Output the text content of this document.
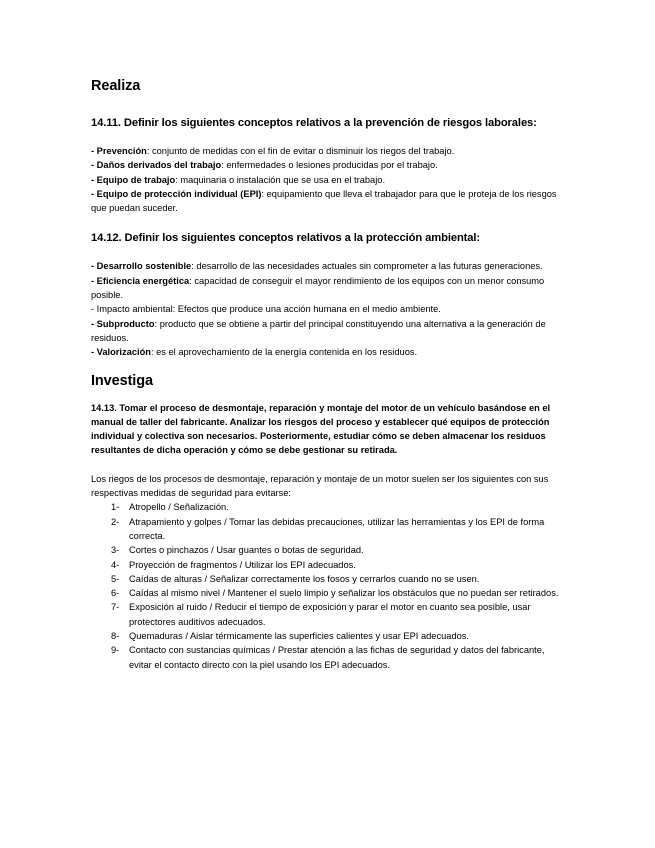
Realiza
14.11. Definir los siguientes conceptos relativos a la prevención de riesgos laborales:

- Prevención: conjunto de medidas con el fin de evitar o disminuir los riegos del trabajo.

- Daños derivados del trabajo: enfermedades o lesiones producidas por el trabajo.

- Equipo de trabajo: maquinaria o instalación que se usa en el trabajo.

- Equipo de protección individual (EPI): equipamiento que lleva el trabajador para que le proteja de los riesgos que puedan suceder.

14.12. Definir los siguientes conceptos relativos a la protección ambiental:

- Desarrollo sostenible: desarrollo de las necesidades actuales sin comprometer a las futuras generaciones.

- Eficiencia energética: capacidad de conseguir el mayor rendimiento de los equipos con un menor consumo posible.

- Impacto ambiental: Efectos que produce una acción humana en el medio ambiente.

- Subproducto: producto que se obtiene a partir del principal constituyendo una alternativa a la generación de residuos.

- Valorización: es el aprovechamiento de la energía contenida en los residuos.

Investiga

14.13. Tomar el proceso de desmontaje, reparación y montaje del motor de un vehículo basándose en el manual de taller del fabricante. Analizar los riesgos del proceso y establecer qué equipos de protección individual y colectiva son necesarios. Posteriormente, estudiar cómo se deben almacenar los residuos resultantes de dicha operación y cómo se debe gestionar su retirada.

Los riegos de los procesos de desmontaje, reparación y montaje de un motor suelen ser los siguientes con sus respectivas medidas de seguridad para evitarse:

1- Atropello / Señalización.
2- Atrapamiento y golpes / Tomar las debidas precauciones, utilizar las herramientas y los EPI de forma correcta.
3- Cortes o pinchazos / Usar guantes o botas de seguridad.
4- Proyección de fragmentos / Utilizar los EPI adecuados.
5- Caídas de alturas / Señalizar correctamente los fosos y cerrarlos cuando no se usen.
6- Caídas al mismo nivel / Mantener el suelo limpio y señalizar los obstáculos que no puedan ser retirados.
7- Exposición al ruido / Reducir el tiempo de exposición y parar el motor en cuanto sea posible, usar protectores auditivos adecuados.
8- Quemaduras / Aislar térmicamente las superficies calientes y usar EPI adecuados.
9- Contacto con sustancias químicas / Prestar atención a las fichas de seguridad y datos del fabricante, evitar el contacto directo con la piel usando los EPI adecuados.
